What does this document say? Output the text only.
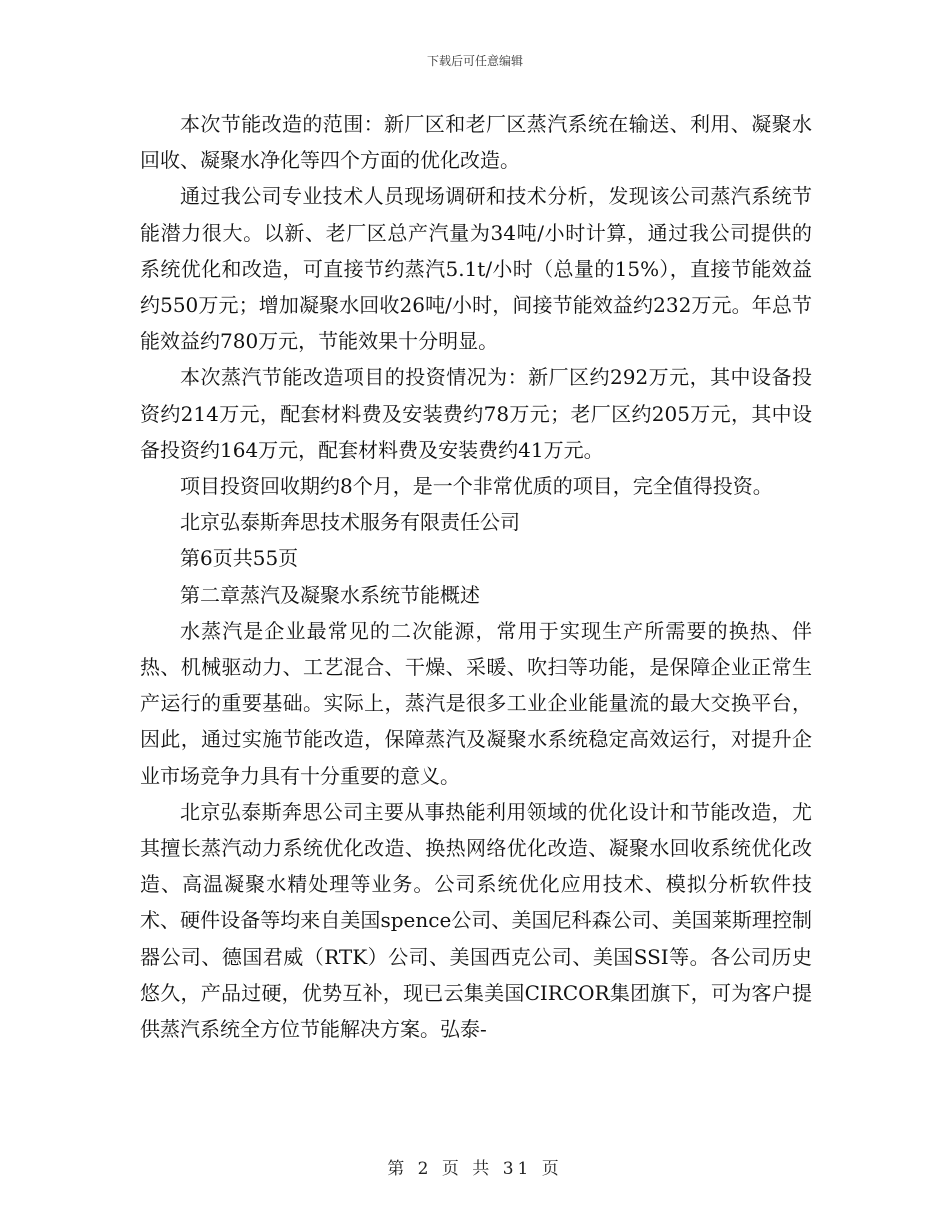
下载后可任意编辑

本次节能改造的范围：新厂区和老厂区蒸汽系统在输送、利用、凝聚水回收、凝聚水净化等四个方面的优化改造。

通过我公司专业技术人员现场调研和技术分析，发现该公司蒸汽系统节能潜力很大。以新、老厂区总产汽量为34吨/小时计算，通过我公司提供的系统优化和改造，可直接节约蒸汽5.1t/小时（总量的15%），直接节能效益约550万元；增加凝聚水回收26吨/小时，间接节能效益约232万元。年总节能效益约780万元，节能效果十分明显。

本次蒸汽节能改造项目的投资情况为：新厂区约292万元，其中设备投资约214万元，配套材料费及安装费约78万元；老厂区约205万元，其中设备投资约164万元，配套材料费及安装费约41万元。

项目投资回收期约8个月，是一个非常优质的项目，完全值得投资。

北京弘泰斯奔思技术服务有限责任公司

第6页共55页

第二章蒸汽及凝聚水系统节能概述

水蒸汽是企业最常见的二次能源，常用于实现生产所需要的换热、伴热、机械驱动力、工艺混合、干燥、采暖、吹扫等功能，是保障企业正常生产运行的重要基础。实际上，蒸汽是很多工业企业能量流的最大交换平台，因此，通过实施节能改造，保障蒸汽及凝聚水系统稳定高效运行，对提升企业市场竞争力具有十分重要的意义。

北京弘泰斯奔思公司主要从事热能利用领域的优化设计和节能改造，尤其擅长蒸汽动力系统优化改造、换热网络优化改造、凝聚水回收系统优化改造、高温凝聚水精处理等业务。公司系统优化应用技术、模拟分析软件技术、硬件设备等均来自美国spence公司、美国尼科森公司、美国莱斯理控制器公司、德国君威（RTK）公司、美国西克公司、美国SSI等。各公司历史悠久，产品过硬，优势互补，现已云集美国CIRCOR集团旗下，可为客户提供蒸汽系统全方位节能解决方案。弘泰-

第 2 页 共 31 页
